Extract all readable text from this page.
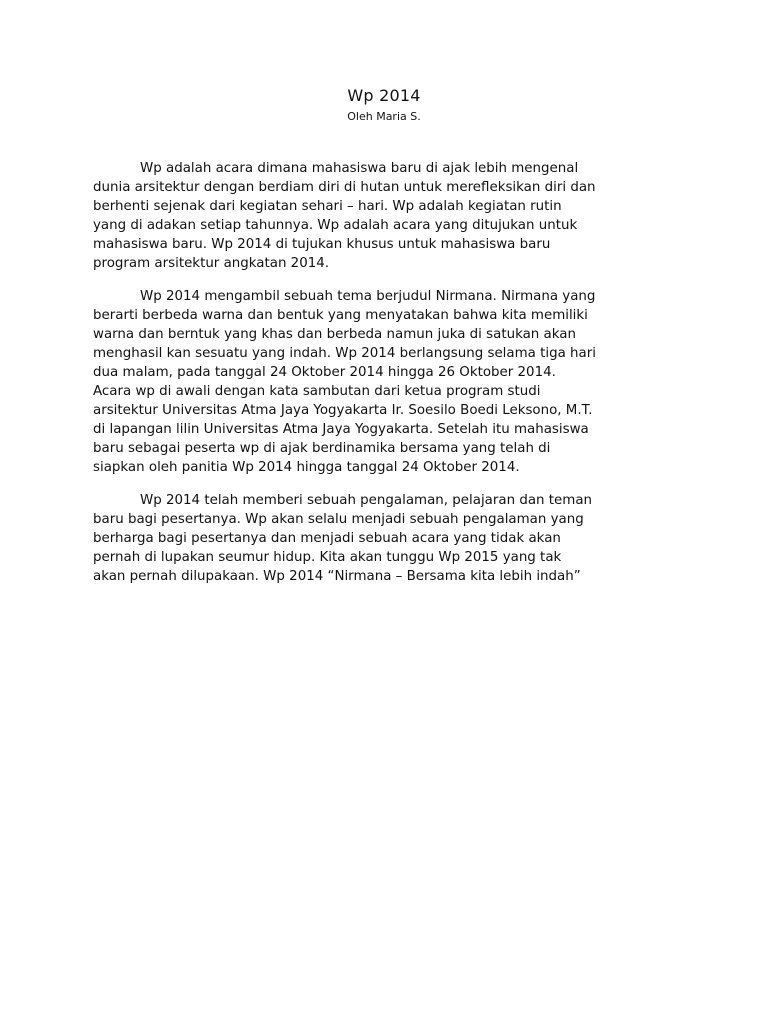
Wp 2014
Oleh Maria S.

Wp adalah acara dimana mahasiswa baru di ajak lebih mengenal
dunia arsitektur dengan berdiam diri di hutan untuk merefleksikan diri dan
berhenti sejenak dari kegiatan sehari – hari. Wp adalah kegiatan rutin
yang di adakan setiap tahunnya. Wp adalah acara yang ditujukan untuk
mahasiswa baru. Wp 2014 di tujukan khusus untuk mahasiswa baru
program arsitektur angkatan 2014.

Wp 2014 mengambil sebuah tema berjudul Nirmana. Nirmana yang
berarti berbeda warna dan bentuk yang menyatakan bahwa kita memiliki
warna dan berntuk yang khas dan berbeda namun juka di satukan akan
menghasil kan sesuatu yang indah. Wp 2014 berlangsung selama tiga hari
dua malam, pada tanggal 24 Oktober 2014 hingga 26 Oktober 2014.
Acara wp di awali dengan kata sambutan dari ketua program studi
arsitektur Universitas Atma Jaya Yogyakarta Ir. Soesilo Boedi Leksono, M.T.
di lapangan lilin Universitas Atma Jaya Yogyakarta. Setelah itu mahasiswa
baru sebagai peserta wp di ajak berdinamika bersama yang telah di
siapkan oleh panitia Wp 2014 hingga tanggal 24 Oktober 2014.

Wp 2014 telah memberi sebuah pengalaman, pelajaran dan teman
baru bagi pesertanya. Wp akan selalu menjadi sebuah pengalaman yang
berharga bagi pesertanya dan menjadi sebuah acara yang tidak akan
pernah di lupakan seumur hidup. Kita akan tunggu Wp 2015 yang tak
akan pernah dilupakaan. Wp 2014 “Nirmana – Bersama kita lebih indah”
